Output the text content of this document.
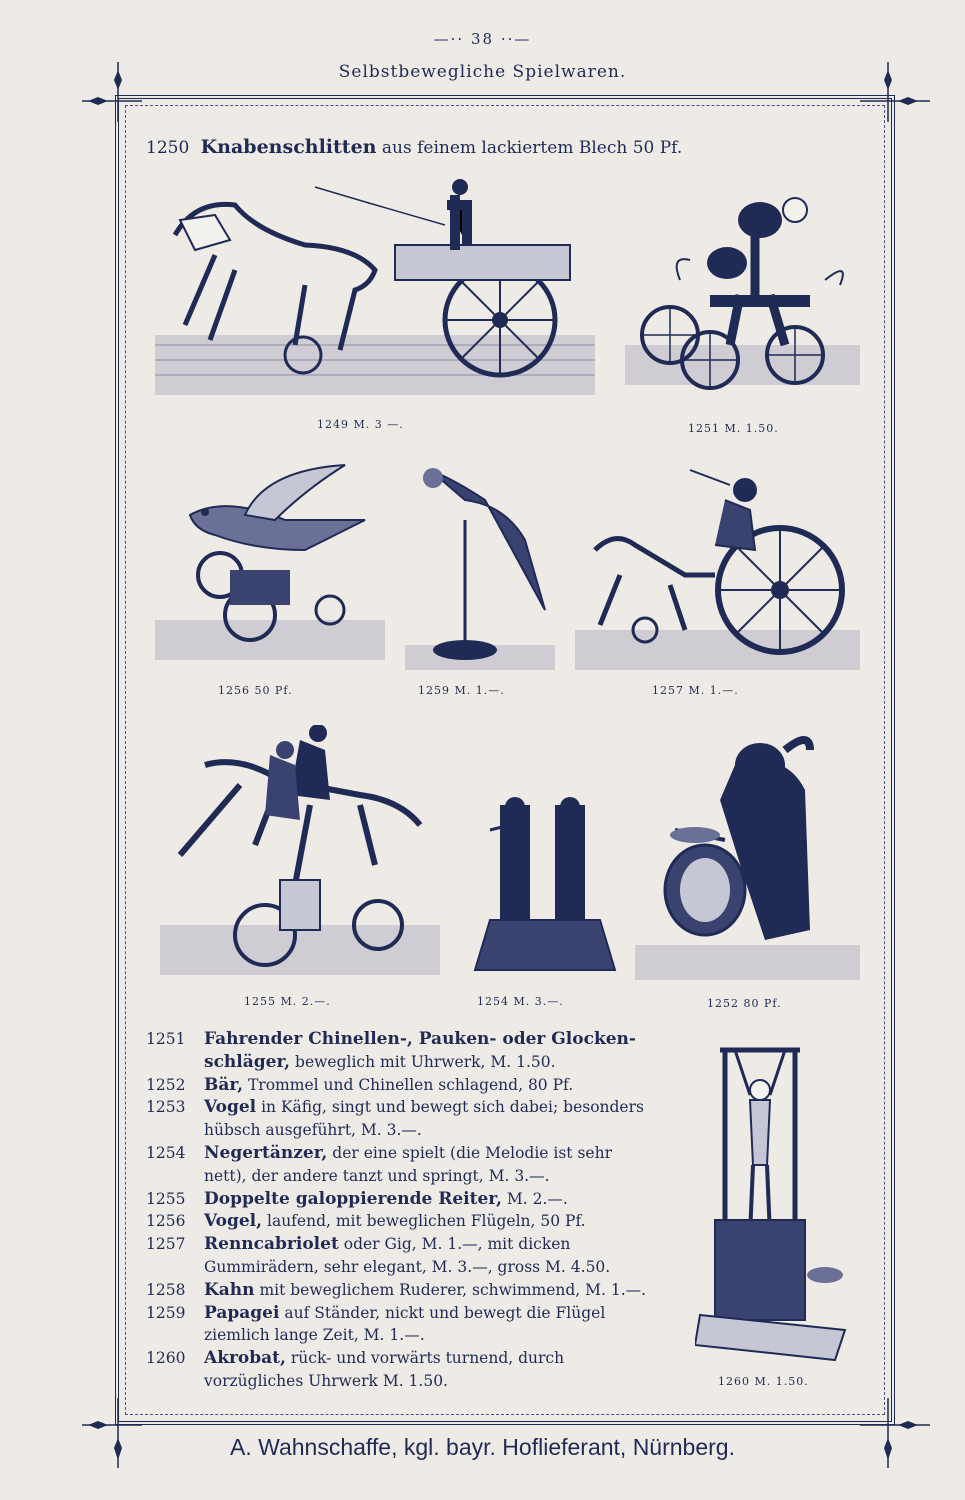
—·· 38 ··—
Selbstbewegliche Spielwaren.
1250 Knabenschlitten aus feinem lackiertem Blech 50 Pf.
1249 M. 3 —.	1251 M. 1.50.
1256 50 Pf.	1259 M. 1.—.	1257 M. 1.—.
1255 M. 2.—.	1254 M. 3.—.	1252 80 Pf.
1260 M. 1.50.
1251 Fahrender Chinellen-, Pauken- oder Glocken-schläger, beweglich mit Uhrwerk, M. 1.50.
1252 Bär, Trommel und Chinellen schlagend, 80 Pf.
1253 Vogel in Käfig, singt und bewegt sich dabei; besonders hübsch ausgeführt, M. 3.—.
1254 Negertänzer, der eine spielt (die Melodie ist sehr nett), der andere tanzt und springt, M. 3.—.
1255 Doppelte galoppierende Reiter, M. 2.—.
1256 Vogel, laufend, mit beweglichen Flügeln, 50 Pf.
1257 Renncabriolet oder Gig, M. 1.—, mit dicken Gummirädern, sehr elegant, M. 3.—, gross M. 4.50.
1258 Kahn mit beweglichem Ruderer, schwimmend, M. 1.—.
1259 Papagei auf Ständer, nickt und bewegt die Flügel ziemlich lange Zeit, M. 1.—.
1260 Akrobat, rück- und vorwärts turnend, durch vorzügliches Uhrwerk M. 1.50.
A. Wahnschaffe, kgl. bayr. Hoflieferant, Nürnberg.
